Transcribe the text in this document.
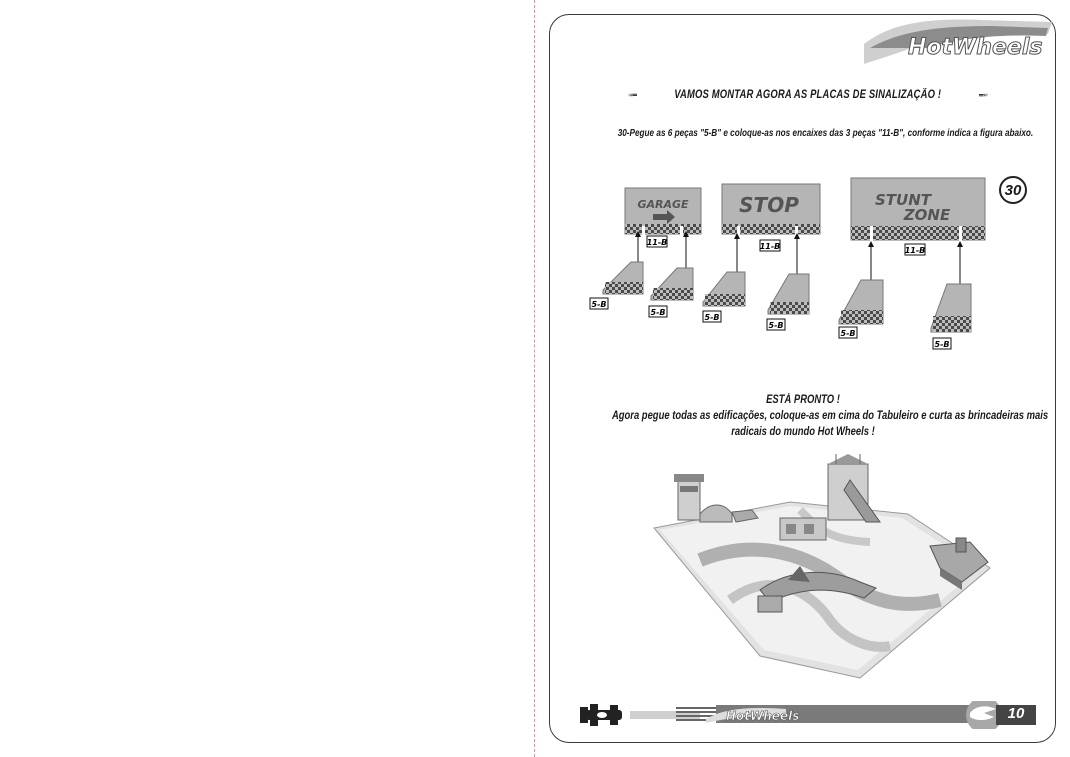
HotWheels
VAMOS MONTAR AGORA AS PLACAS DE SINALIZAÇÃO !
30-Pegue as 6 peças "5-B" e coloque-as nos encaixes das 3 peças "11-B", conforme indica a figura abaixo.
30
GARAGE	STOP	STUNT
ZONE
11-B	11-B	11-B
5-B
5-B
5-B
5-B
5-B
5-B

ESTÁ PRONTO !

Agora pegue todas as edificações, coloque-as em cima do Tabuleiro e curta as brincadeiras mais

radicais do mundo Hot Wheels !

HotWheels	10
